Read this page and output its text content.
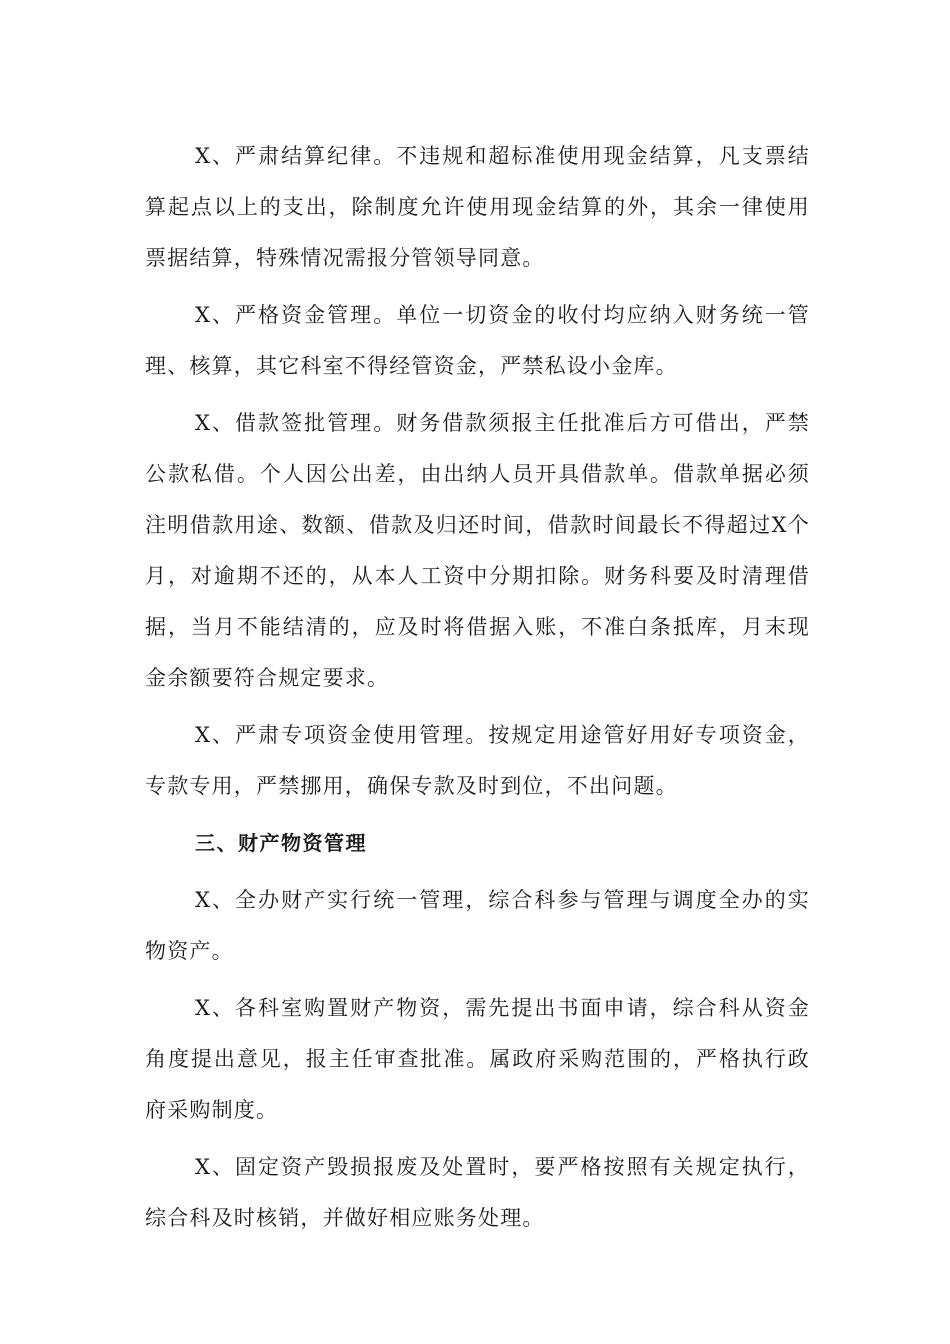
X、严肃结算纪律。不违规和超标准使用现金结算，凡支票结算起点以上的支出，除制度允许使用现金结算的外，其余一律使用票据结算，特殊情况需报分管领导同意。

X、严格资金管理。单位一切资金的收付均应纳入财务统一管理、核算，其它科室不得经管资金，严禁私设小金库。

X、借款签批管理。财务借款须报主任批准后方可借出，严禁公款私借。个人因公出差，由出纳人员开具借款单。借款单据必须注明借款用途、数额、借款及归还时间，借款时间最长不得超过X个月，对逾期不还的，从本人工资中分期扣除。财务科要及时清理借据，当月不能结清的，应及时将借据入账，不准白条抵库，月末现金余额要符合规定要求。

X、严肃专项资金使用管理。按规定用途管好用好专项资金，专款专用，严禁挪用，确保专款及时到位，不出问题。

三、财产物资管理

X、全办财产实行统一管理，综合科参与管理与调度全办的实物资产。

X、各科室购置财产物资，需先提出书面申请，综合科从资金角度提出意见，报主任审查批准。属政府采购范围的，严格执行政府采购制度。

X、固定资产毁损报废及处置时，要严格按照有关规定执行，综合科及时核销，并做好相应账务处理。
